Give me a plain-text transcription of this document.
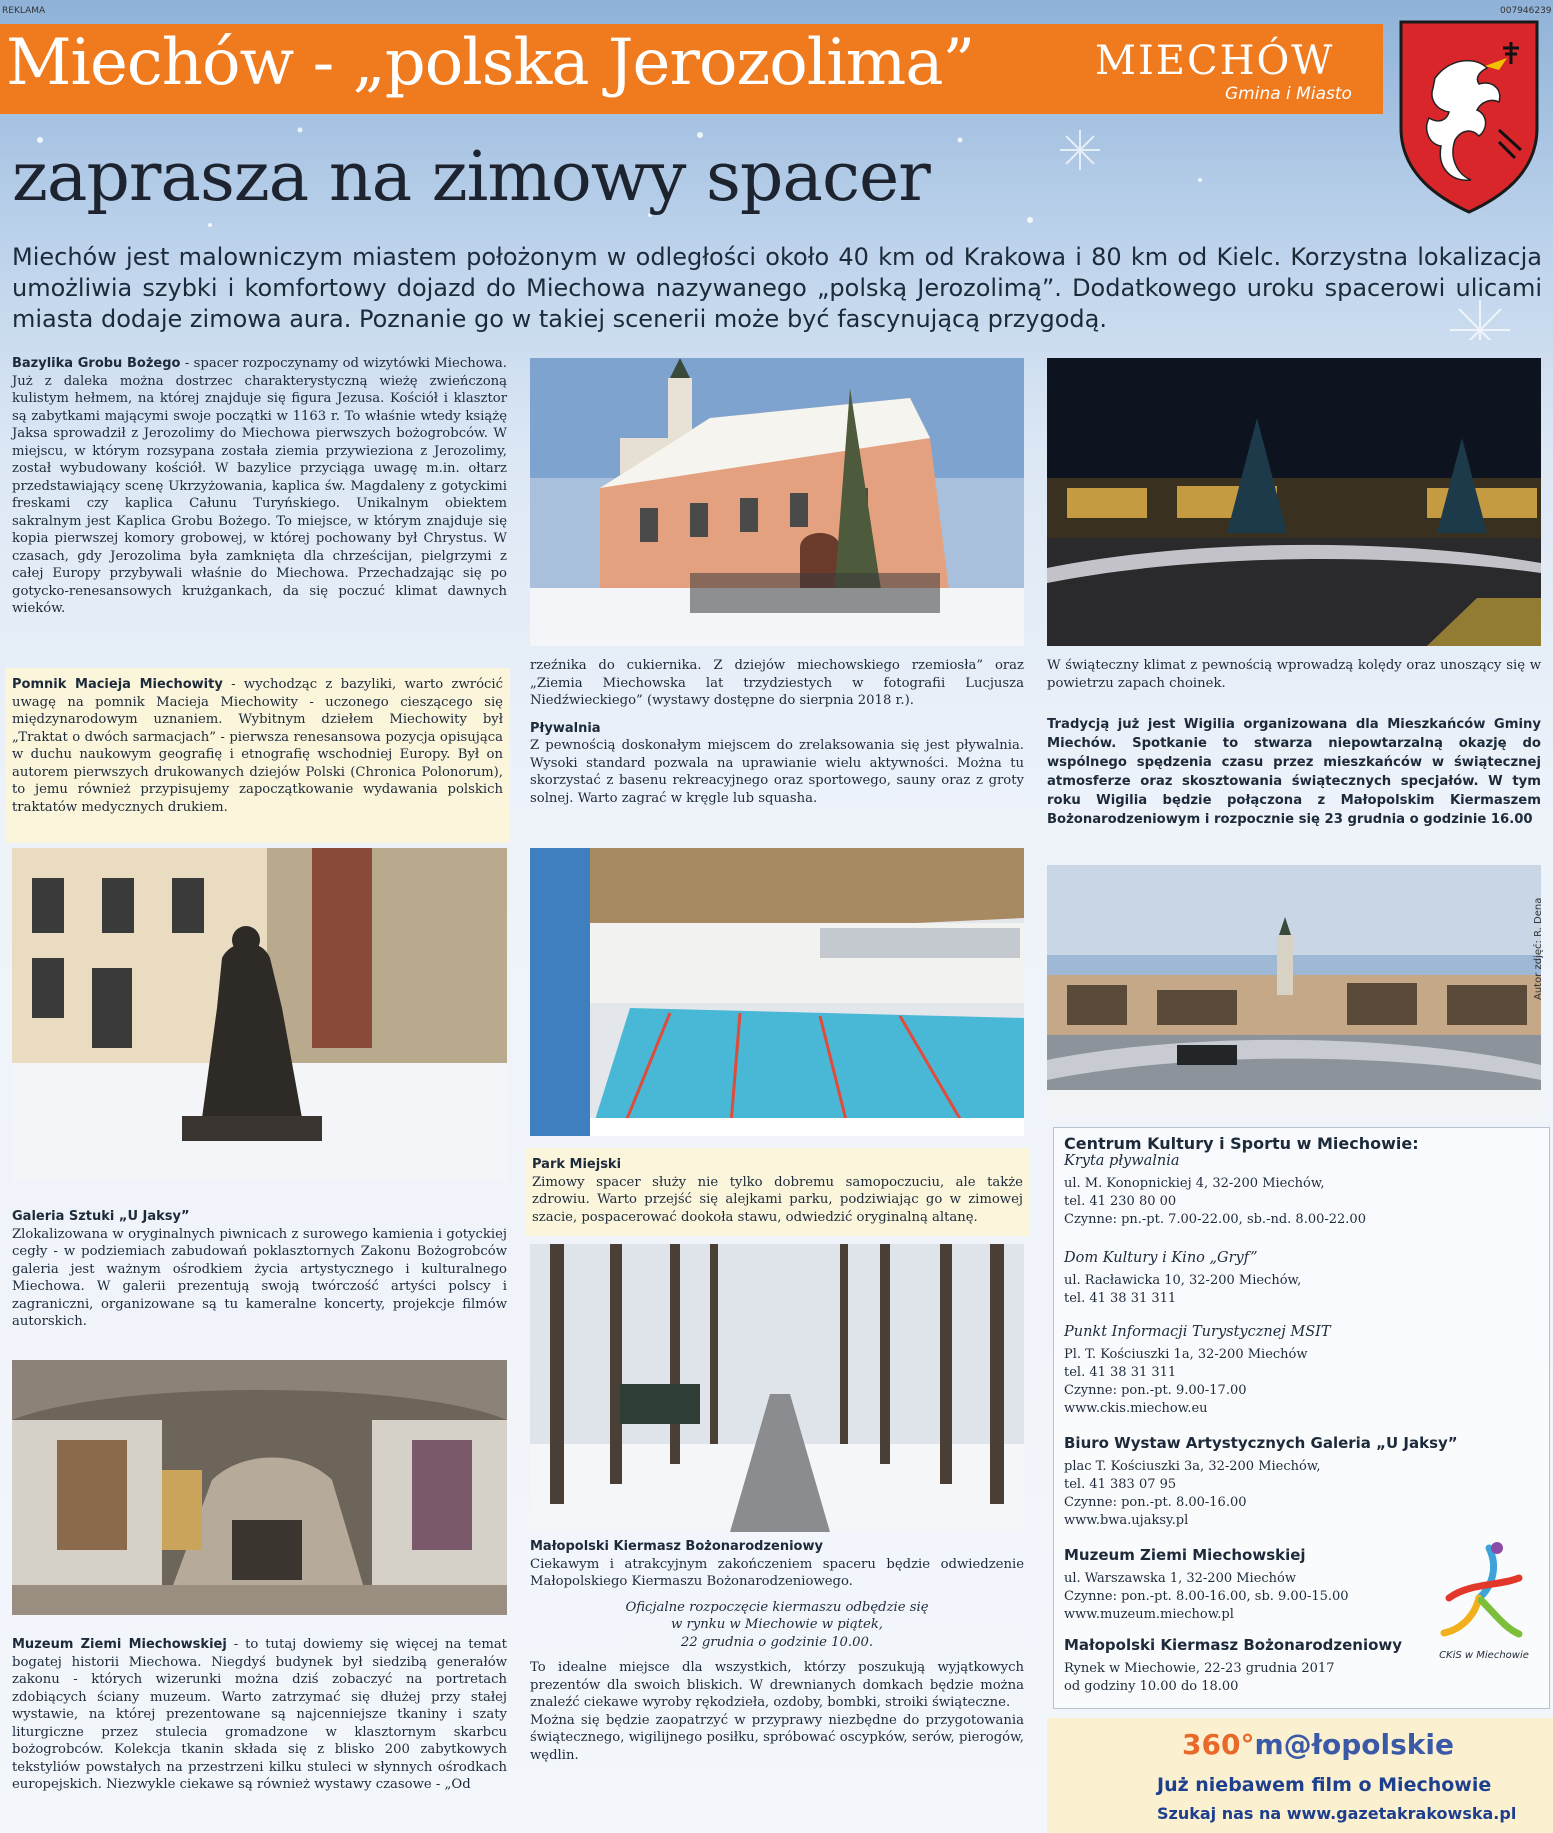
REKLAMA	007946239
Miechów - „polska Jerozolima”	MIECHÓW
Gmina i Miasto
zaprasza na zimowy spacer
Miechów jest malowniczym miastem położonym w odległości około 40 km od Krakowa i 80 km od Kielc. Korzystna lokalizacja umożliwia szybki i komfortowy dojazd do Miechowa nazywanego „polską Jerozolimą”. Dodatkowego uroku spacerowi ulicami miasta dodaje zimowa aura. Poznanie go w takiej scenerii może być fascynującą przygodą.

Bazylika Grobu Bożego - spacer rozpoczynamy od wizytówki Miechowa. Już z daleka można dostrzec charakterystyczną wieżę zwieńczoną kulistym hełmem, na której znajduje się figura Jezusa. Kościół i klasztor są zabytkami mającymi swoje początki w 1163 r. To właśnie wtedy książę Jaksa sprowadził z Jerozolimy do Miechowa pierwszych bożogrobców. W miejscu, w którym rozsypana została ziemia przywieziona z Jerozolimy, został wybudowany kościół. W bazylice przyciąga uwagę m.in. ołtarz przedstawiający scenę Ukrzyżowania, kaplica św. Magdaleny z gotyckimi freskami czy kaplica Całunu Turyńskiego. Unikalnym obiektem sakralnym jest Kaplica Grobu Bożego. To miejsce, w którym znajduje się kopia pierwszej komory grobowej, w której pochowany był Chrystus. W czasach, gdy Jerozolima była zamknięta dla chrześcijan, pielgrzymi z całej Europy przybywali właśnie do Miechowa. Przechadzając się po gotycko-renesansowych krużgankach, da się poczuć klimat dawnych wieków.

Pomnik Macieja Miechowity - wychodząc z bazyliki, warto zwrócić uwagę na pomnik Macieja Miechowity - uczonego cieszącego się międzynarodowym uznaniem. Wybitnym dziełem Miechowity był „Traktat o dwóch sarmacjach” - pierwsza renesansowa pozycja opisująca w duchu naukowym geografię i etnografię wschodniej Europy. Był on autorem pierwszych drukowanych dziejów Polski (Chronica Polonorum), to jemu również przypisujemy zapoczątkowanie wydawania polskich traktatów medycznych drukiem.

Galeria Sztuki „U Jaksy”

Zlokalizowana w oryginalnych piwnicach z surowego kamienia i gotyckiej cegły - w podziemiach zabudowań poklasztornych Zakonu Bożogrobców galeria jest ważnym ośrodkiem życia artystycznego i kulturalnego Miechowa. W galerii prezentują swoją twórczość artyści polscy i zagraniczni, organizowane są tu kameralne koncerty, projekcje filmów autorskich.

Muzeum Ziemi Miechowskiej - to tutaj dowiemy się więcej na temat bogatej historii Miechowa. Niegdyś budynek był siedzibą generałów zakonu - których wizerunki można dziś zobaczyć na portretach zdobiących ściany muzeum. Warto zatrzymać się dłużej przy stałej wystawie, na której prezentowane są najcenniejsze tkaniny i szaty liturgiczne przez stulecia gromadzone w klasztornym skarbcu bożogrobców. Kolekcja tkanin składa się z blisko 200 zabytkowych tekstyliów powstałych na przestrzeni kilku stuleci w słynnych ośrodkach europejskich. Niezwykle ciekawe są również wystawy czasowe - „Od

rzeźnika do cukiernika. Z dziejów miechowskiego rzemiosła” oraz „Ziemia Miechowska lat trzydziestych w fotografii Lucjusza Niedźwieckiego” (wystawy dostępne do sierpnia 2018 r.).

Pływalnia

Z pewnością doskonałym miejscem do zrelaksowania się jest pływalnia. Wysoki standard pozwala na uprawianie wielu aktywności. Można tu skorzystać z basenu rekreacyjnego oraz sportowego, sauny oraz z groty solnej. Warto zagrać w kręgle lub squasha.

Park Miejski

Zimowy spacer służy nie tylko dobremu samopoczuciu, ale także zdrowiu. Warto przejść się alejkami parku, podziwiając go w zimowej szacie, pospacerować dookoła stawu, odwiedzić oryginalną altanę.

Małopolski Kiermasz Bożonarodzeniowy

Ciekawym i atrakcyjnym zakończeniem spaceru będzie odwiedzenie Małopolskiego Kiermaszu Bożonarodzeniowego.

Oficjalne rozpoczęcie kiermaszu odbędzie się

w rynku w Miechowie w piątek,

22 grudnia o godzinie 10.00.

To idealne miejsce dla wszystkich, którzy poszukują wyjątkowych prezentów dla swoich bliskich. W drewnianych domkach będzie można znaleźć ciekawe wyroby rękodzieła, ozdoby, bombki, stroiki świąteczne.

Można się będzie zaopatrzyć w przyprawy niezbędne do przygotowania świątecznego, wigilijnego posiłku, spróbować oscypków, serów, pierogów, wędlin.

W świąteczny klimat z pewnością wprowadzą kolędy oraz unoszący się w powietrzu zapach choinek.

Tradycją już jest Wigilia organizowana dla Mieszkańców Gminy Miechów. Spotkanie to stwarza niepowtarzalną okazję do wspólnego spędzenia czasu przez mieszkańców w świątecznej atmosferze oraz skosztowania świątecznych specjałów. W tym roku Wigilia będzie połączona z Małopolskim Kiermaszem Bożonarodzeniowym i rozpocznie się 23 grudnia o godzinie 16.00

Autor zdjęć: R. Dena
Centrum Kultury i Sportu w Miechowie:
Kryta pływalnia
ul. M. Konopnickiej 4, 32-200 Miechów,
tel. 41 230 80 00
Czynne: pn.-pt. 7.00-22.00, sb.-nd. 8.00-22.00
Dom Kultury i Kino „Gryf”
ul. Racławicka 10, 32-200 Miechów,
tel. 41 38 31 311
Punkt Informacji Turystycznej MSIT
Pl. T. Kościuszki 1a, 32-200 Miechów
tel. 41 38 31 311
Czynne: pon.-pt. 9.00-17.00
www.ckis.miechow.eu
Biuro Wystaw Artystycznych Galeria „U Jaksy”
plac T. Kościuszki 3a, 32-200 Miechów,
tel. 41 383 07 95
Czynne: pon.-pt. 8.00-16.00
www.bwa.ujaksy.pl
Muzeum Ziemi Miechowskiej
ul. Warszawska 1, 32-200 Miechów
Czynne: pon.-pt. 8.00-16.00, sb. 9.00-15.00
www.muzeum.miechow.pl
Małopolski Kiermasz Bożonarodzeniowy
Rynek w Miechowie, 22-23 grudnia 2017
od godziny 10.00 do 18.00
CKiS w Miechowie
360°m@łopolskie
Już niebawem film o Miechowie
Szukaj nas na www.gazetakrakowska.pl
